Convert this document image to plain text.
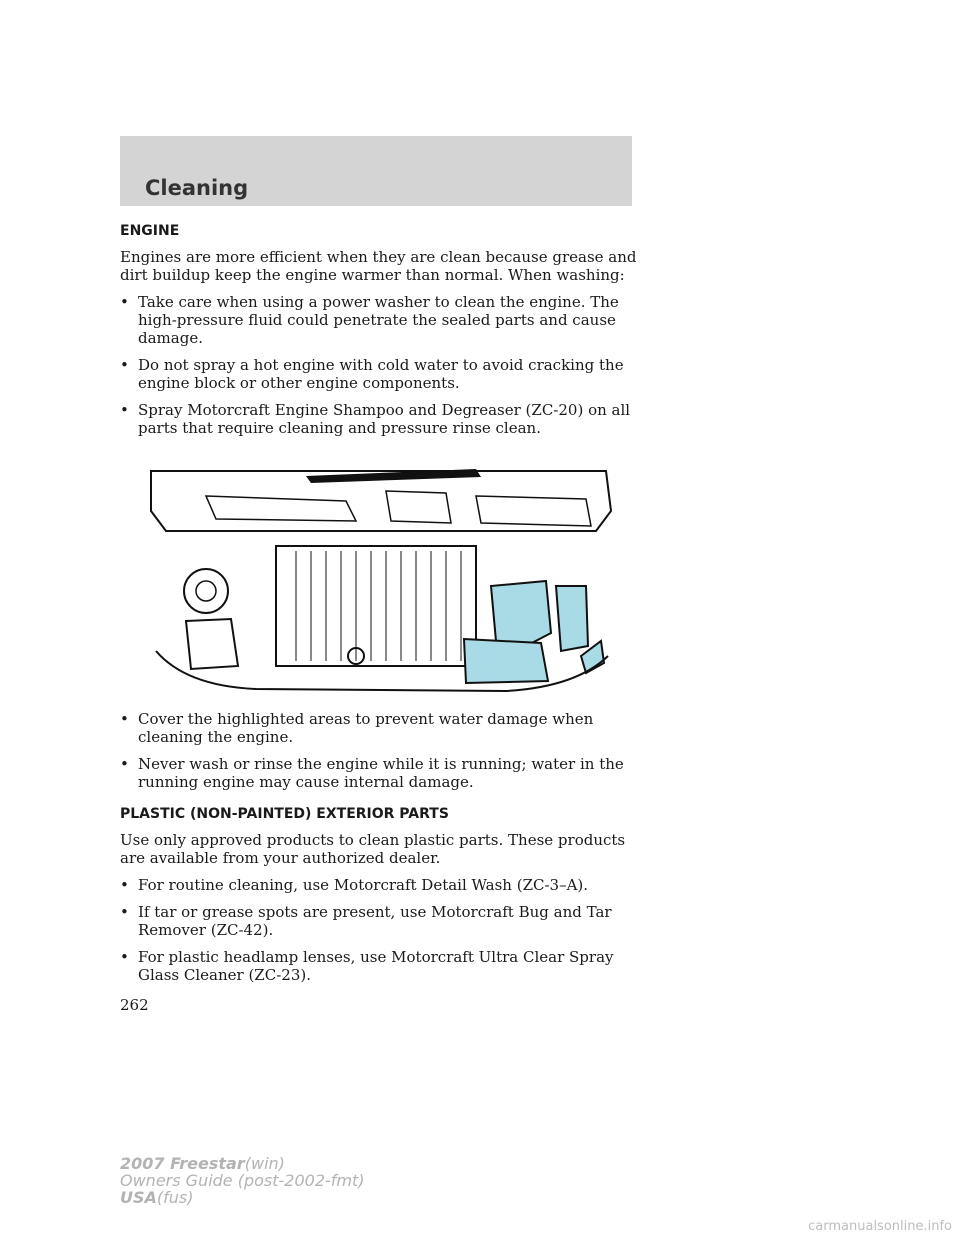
Cleaning
ENGINE

Engines are more efficient when they are clean because grease and dirt buildup keep the engine warmer than normal. When washing:

• Take care when using a power washer to clean the engine. The high-pressure fluid could penetrate the sealed parts and cause damage.
• Do not spray a hot engine with cold water to avoid cracking the engine block or other engine components.
• Spray Motorcraft Engine Shampoo and Degreaser (ZC-20) on all parts that require cleaning and pressure rinse clean.
• Cover the highlighted areas to prevent water damage when cleaning the engine.
• Never wash or rinse the engine while it is running; water in the running engine may cause internal damage.
PLASTIC (NON-PAINTED) EXTERIOR PARTS

Use only approved products to clean plastic parts. These products are available from your authorized dealer.

• For routine cleaning, use Motorcraft Detail Wash (ZC-3–A).
• If tar or grease spots are present, use Motorcraft Bug and Tar Remover (ZC-42).
• For plastic headlamp lenses, use Motorcraft Ultra Clear Spray Glass Cleaner (ZC-23).
262
2007 Freestar(win)
Owners Guide (post-2002-fmt)
USA(fus)
carmanualsonline.info
